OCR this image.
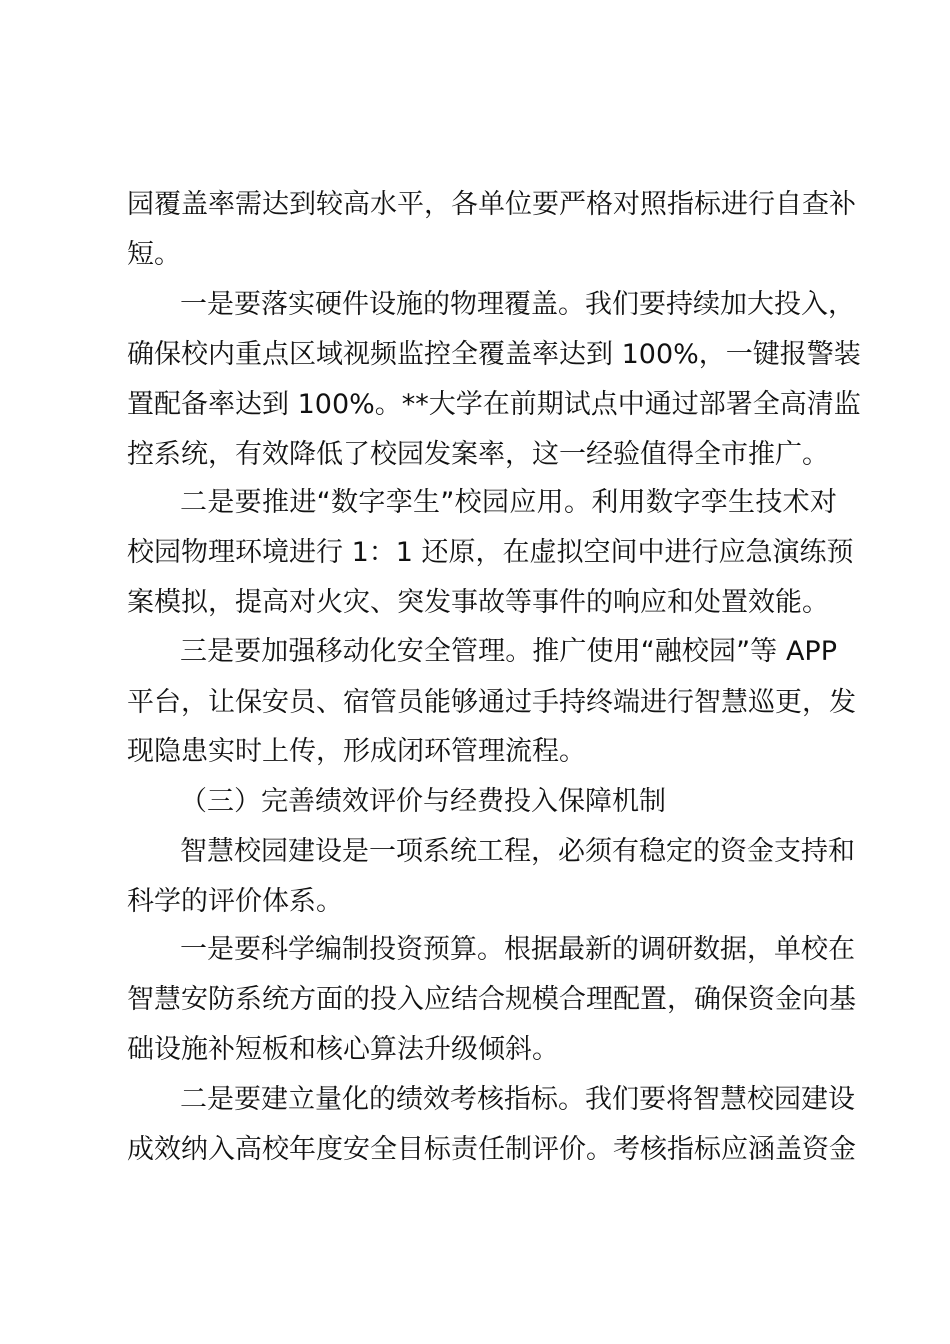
园覆盖率需达到较高水平，各单位要严格对照指标进行自查补
短。
一是要落实硬件设施的物理覆盖。我们要持续加大投入，
确保校内重点区域视频监控全覆盖率达到 100%，一键报警装
置配备率达到 100%。**大学在前期试点中通过部署全高清监
控系统，有效降低了校园发案率，这一经验值得全市推广。
二是要推进“数字孪生”校园应用。利用数字孪生技术对
校园物理环境进行 1：1 还原，在虚拟空间中进行应急演练预
案模拟，提高对火灾、突发事故等事件的响应和处置效能。
三是要加强移动化安全管理。推广使用“融校园”等 APP
平台，让保安员、宿管员能够通过手持终端进行智慧巡更，发
现隐患实时上传，形成闭环管理流程。
（三）完善绩效评价与经费投入保障机制
智慧校园建设是一项系统工程，必须有稳定的资金支持和
科学的评价体系。
一是要科学编制投资预算。根据最新的调研数据，单校在
智慧安防系统方面的投入应结合规模合理配置，确保资金向基
础设施补短板和核心算法升级倾斜。
二是要建立量化的绩效考核指标。我们要将智慧校园建设
成效纳入高校年度安全目标责任制评价。考核指标应涵盖资金
